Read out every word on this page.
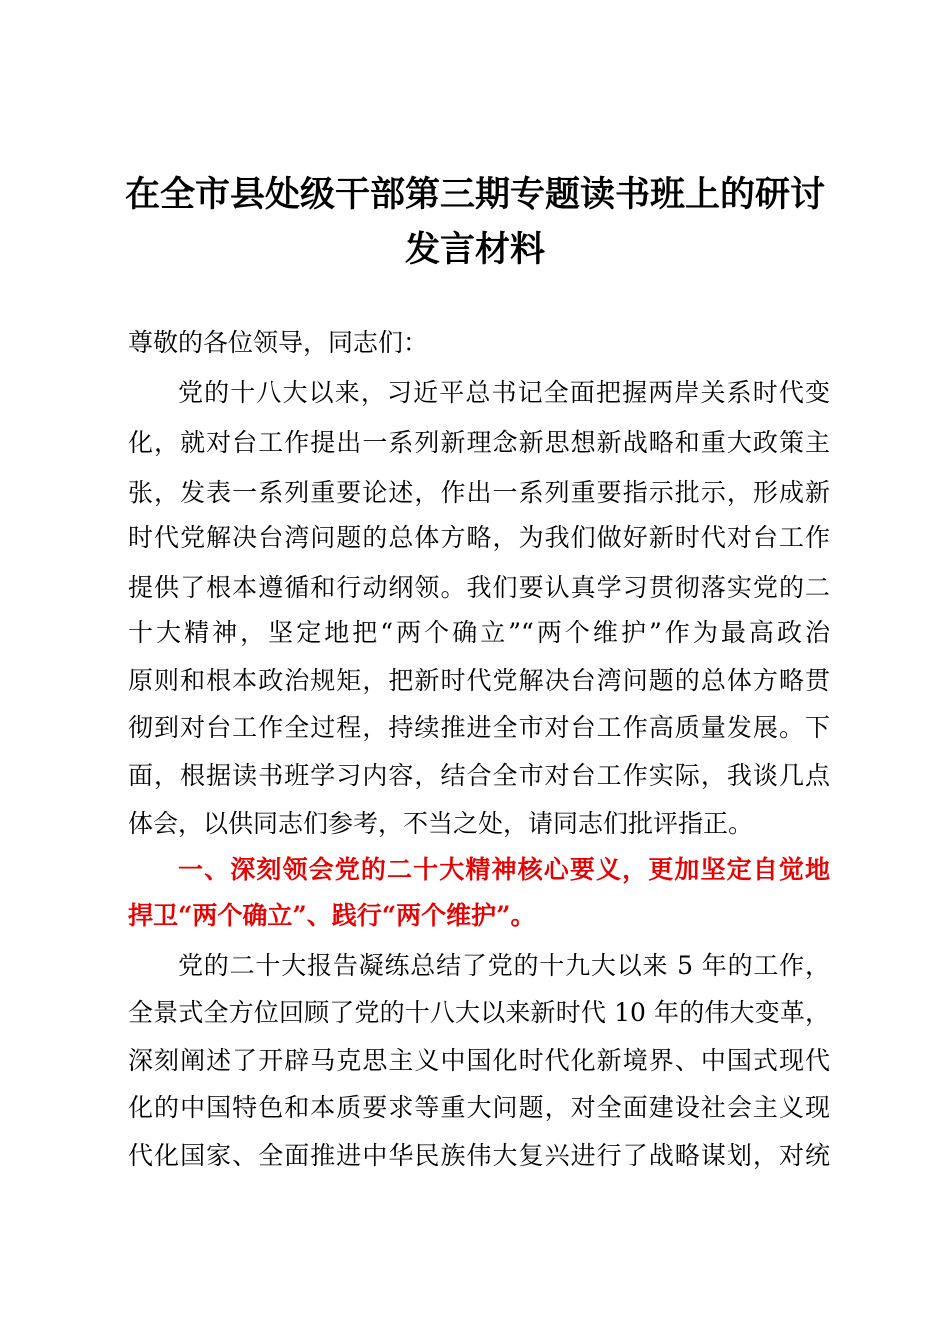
在全市县处级干部第三期专题读书班上的研讨
发言材料
尊敬的各位领导，同志们：
党的十八大以来，习近平总书记全面把握两岸关系时代变
化，就对台工作提出一系列新理念新思想新战略和重大政策主
张，发表一系列重要论述，作出一系列重要指示批示，形成新
时代党解决台湾问题的总体方略，为我们做好新时代对台工作
提供了根本遵循和行动纲领。我们要认真学习贯彻落实党的二
十大精神，坚定地把“两个确立”“两个维护”作为最高政治
原则和根本政治规矩，把新时代党解决台湾问题的总体方略贯
彻到对台工作全过程，持续推进全市对台工作高质量发展。下
面，根据读书班学习内容，结合全市对台工作实际，我谈几点
体会，以供同志们参考，不当之处，请同志们批评指正。
一、深刻领会党的二十大精神核心要义，更加坚定自觉地
捍卫“两个确立”、践行“两个维护”。
党的二十大报告凝练总结了党的十九大以来 5 年的工作，
全景式全方位回顾了党的十八大以来新时代 10 年的伟大变革，
深刻阐述了开辟马克思主义中国化时代化新境界、中国式现代
化的中国特色和本质要求等重大问题，对全面建设社会主义现
代化国家、全面推进中华民族伟大复兴进行了战略谋划，对统
